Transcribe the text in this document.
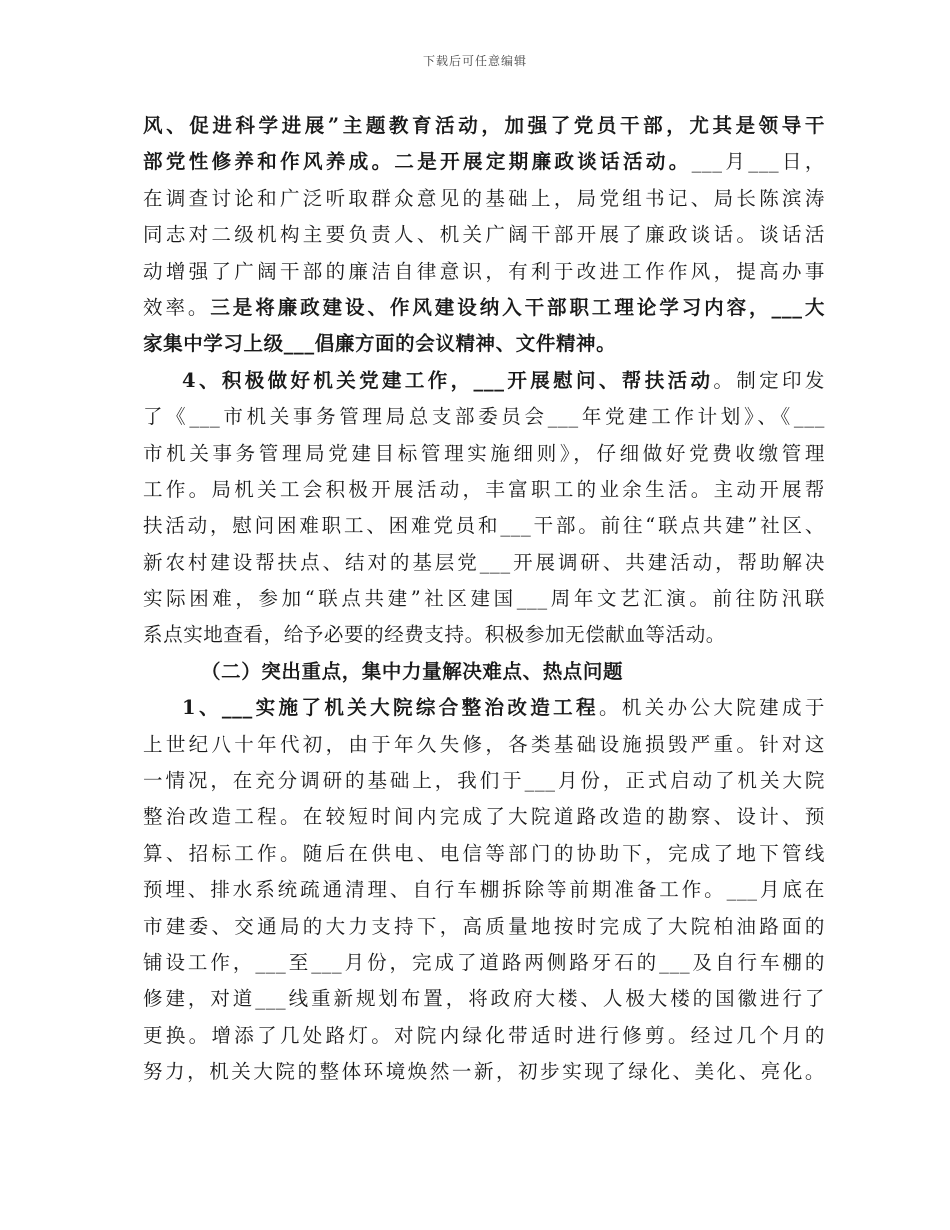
下载后可任意编辑
风、促进科学进展”主题教育活动，加强了党员干部，尤其是领导干
部党性修养和作风养成。二是开展定期廉政谈话活动。___月___日，
在调查讨论和广泛听取群众意见的基础上，局党组书记、局长陈滨涛
同志对二级机构主要负责人、机关广阔干部开展了廉政谈话。谈话活
动增强了广阔干部的廉洁自律意识，有利于改进工作作风，提高办事
效率。三是将廉政建设、作风建设纳入干部职工理论学习内容，___大
家集中学习上级___倡廉方面的会议精神、文件精神。
4、积极做好机关党建工作，___开展慰问、帮扶活动。制定印发
了《___市机关事务管理局总支部委员会___年党建工作计划》、《___
市机关事务管理局党建目标管理实施细则》，仔细做好党费收缴管理
工作。局机关工会积极开展活动，丰富职工的业余生活。主动开展帮
扶活动，慰问困难职工、困难党员和___干部。前往“联点共建”社区、
新农村建设帮扶点、结对的基层党___开展调研、共建活动，帮助解决
实际困难，参加“联点共建”社区建国___周年文艺汇演。前往防汛联
系点实地查看，给予必要的经费支持。积极参加无偿献血等活动。
（二）突出重点，集中力量解决难点、热点问题
1、___实施了机关大院综合整治改造工程。机关办公大院建成于
上世纪八十年代初，由于年久失修，各类基础设施损毁严重。针对这
一情况，在充分调研的基础上，我们于___月份，正式启动了机关大院
整治改造工程。在较短时间内完成了大院道路改造的勘察、设计、预
算、招标工作。随后在供电、电信等部门的协助下，完成了地下管线
预埋、排水系统疏通清理、自行车棚拆除等前期准备工作。___月底在
市建委、交通局的大力支持下，高质量地按时完成了大院柏油路面的
铺设工作，___至___月份，完成了道路两侧路牙石的___及自行车棚的
修建，对道___线重新规划布置，将政府大楼、人极大楼的国徽进行了
更换。增添了几处路灯。对院内绿化带适时进行修剪。经过几个月的
努力，机关大院的整体环境焕然一新，初步实现了绿化、美化、亮化。
